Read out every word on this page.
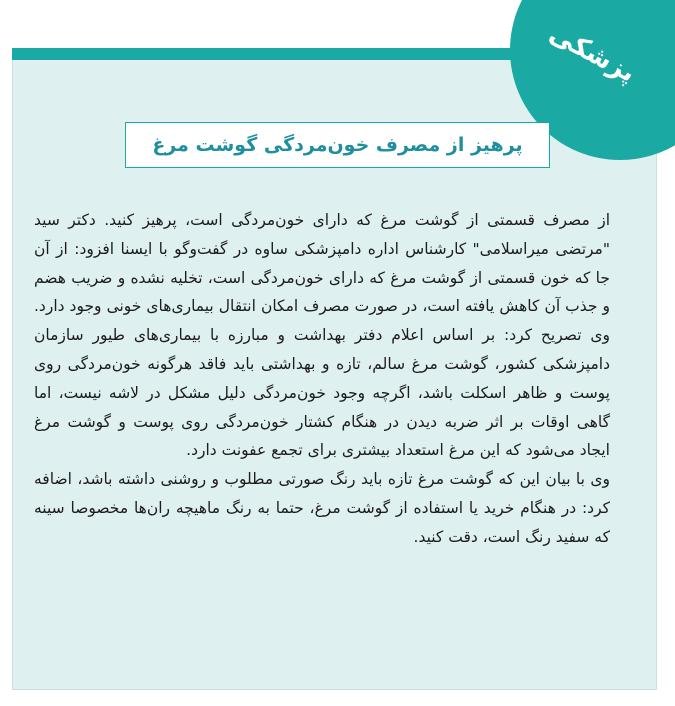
پزشکی
پرهیز از مصرف خون‌مردگی گوشت مرغ

از مصرف قسمتی از گوشت مرغ که دارای خون‌مردگی است، پرهیز کنید. دکتر سید "مرتضی میراسلامی" کارشناس اداره دامپزشکی ساوه در گفت‌وگو با ایسنا افزود: از آن جا که خون قسمتی از گوشت مرغ که دارای خون‌مردگی است، تخلیه نشده و ضریب هضم و جذب آن کاهش یافته است، در صورت مصرف امکان انتقال بیماری‌های خونی وجود دارد. وی تصریح کرد: بر اساس اعلام دفتر بهداشت و مبارزه با بیماری‌های طیور سازمان دامپزشکی کشور، گوشت مرغ سالم، تازه و بهداشتی باید فاقد هرگونه خون‌مردگی روی پوست و ظاهر اسکلت باشد، اگرچه وجود خون‌مردگی دلیل مشکل در لاشه نیست، اما گاهی اوقات بر اثر ضربه دیدن در هنگام کشتار خون‌مردگی روی پوست و گوشت مرغ ایجاد می‌شود که این مرغ استعداد بیشتری برای تجمع عفونت دارد.

وی با بیان این که گوشت مرغ تازه باید رنگ صورتی مطلوب و روشنی داشته باشد، اضافه کرد: در هنگام خرید یا استفاده از گوشت مرغ، حتما به رنگ ماهیچه ران‌ها مخصوصا سینه که سفید رنگ است، دقت کنید.
